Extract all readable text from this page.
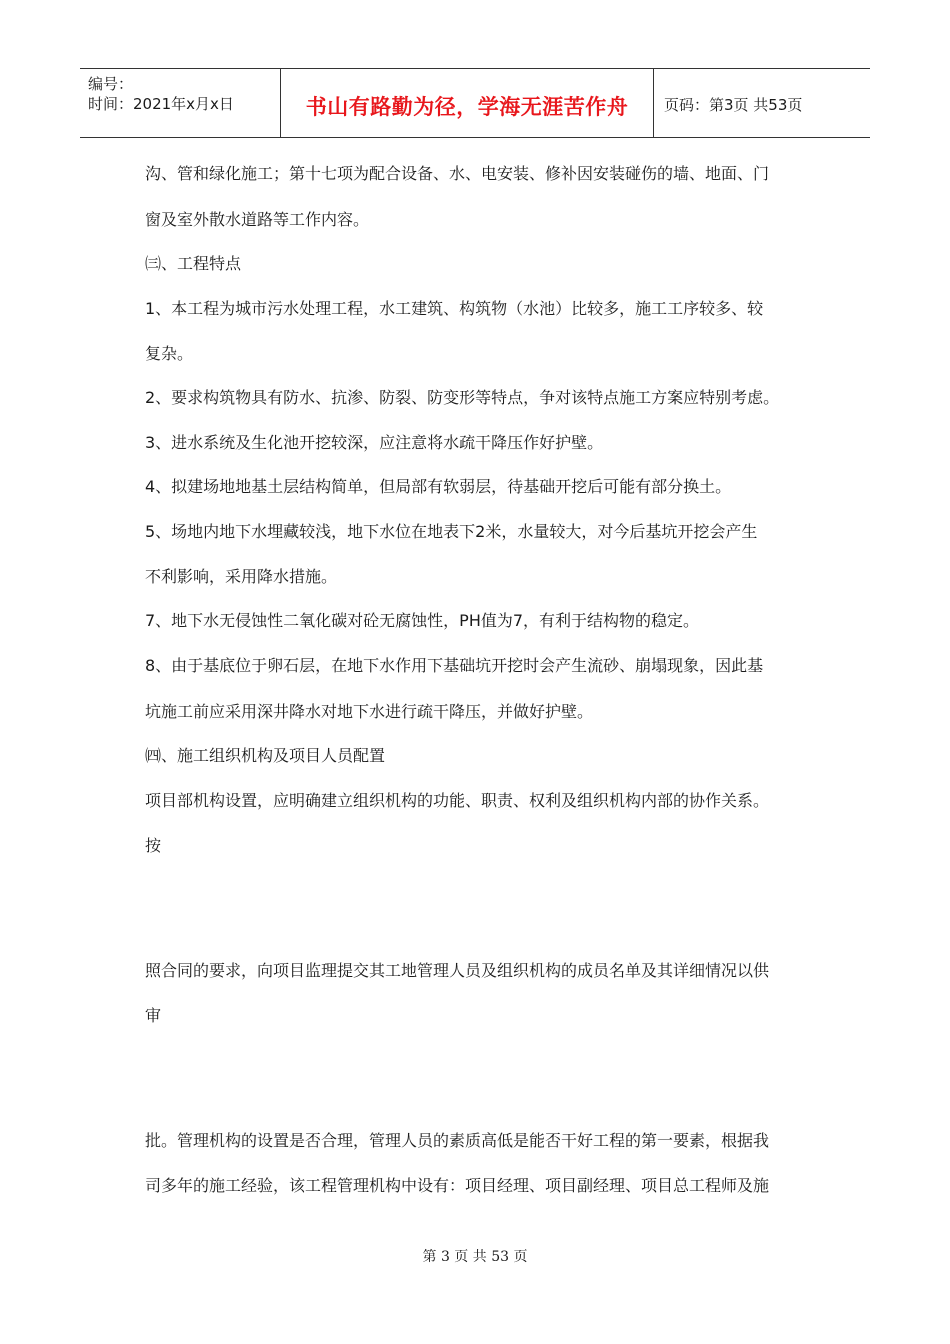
编号：
时间：2021年x月x日	书山有路勤为径，学海无涯苦作舟	页码：第3页 共53页
沟、管和绿化施工；第十七项为配合设备、水、电安装、修补因安装碰伤的墙、地面、门
窗及室外散水道路等工作内容。
㈢、工程特点
1、本工程为城市污水处理工程，水工建筑、构筑物（水池）比较多，施工工序较多、较
复杂。
2、要求构筑物具有防水、抗渗、防裂、防变形等特点，争对该特点施工方案应特别考虑。
3、进水系统及生化池开挖较深，应注意将水疏干降压作好护壁。
4、拟建场地地基土层结构简单，但局部有软弱层，待基础开挖后可能有部分换土。
5、场地内地下水埋藏较浅，地下水位在地表下2米，水量较大，对今后基坑开挖会产生
不利影响，采用降水措施。
7、地下水无侵蚀性二氧化碳对砼无腐蚀性，PH值为7，有利于结构物的稳定。
8、由于基底位于卵石层，在地下水作用下基础坑开挖时会产生流砂、崩塌现象，因此基
坑施工前应采用深井降水对地下水进行疏干降压，并做好护壁。
㈣、施工组织机构及项目人员配置
项目部机构设置，应明确建立组织机构的功能、职责、权利及组织机构内部的协作关系。
按
照合同的要求，向项目监理提交其工地管理人员及组织机构的成员名单及其详细情况以供
审
批。管理机构的设置是否合理，管理人员的素质高低是能否干好工程的第一要素，根据我
司多年的施工经验，该工程管理机构中设有：项目经理、项目副经理、项目总工程师及施
第 3 页 共 53 页
